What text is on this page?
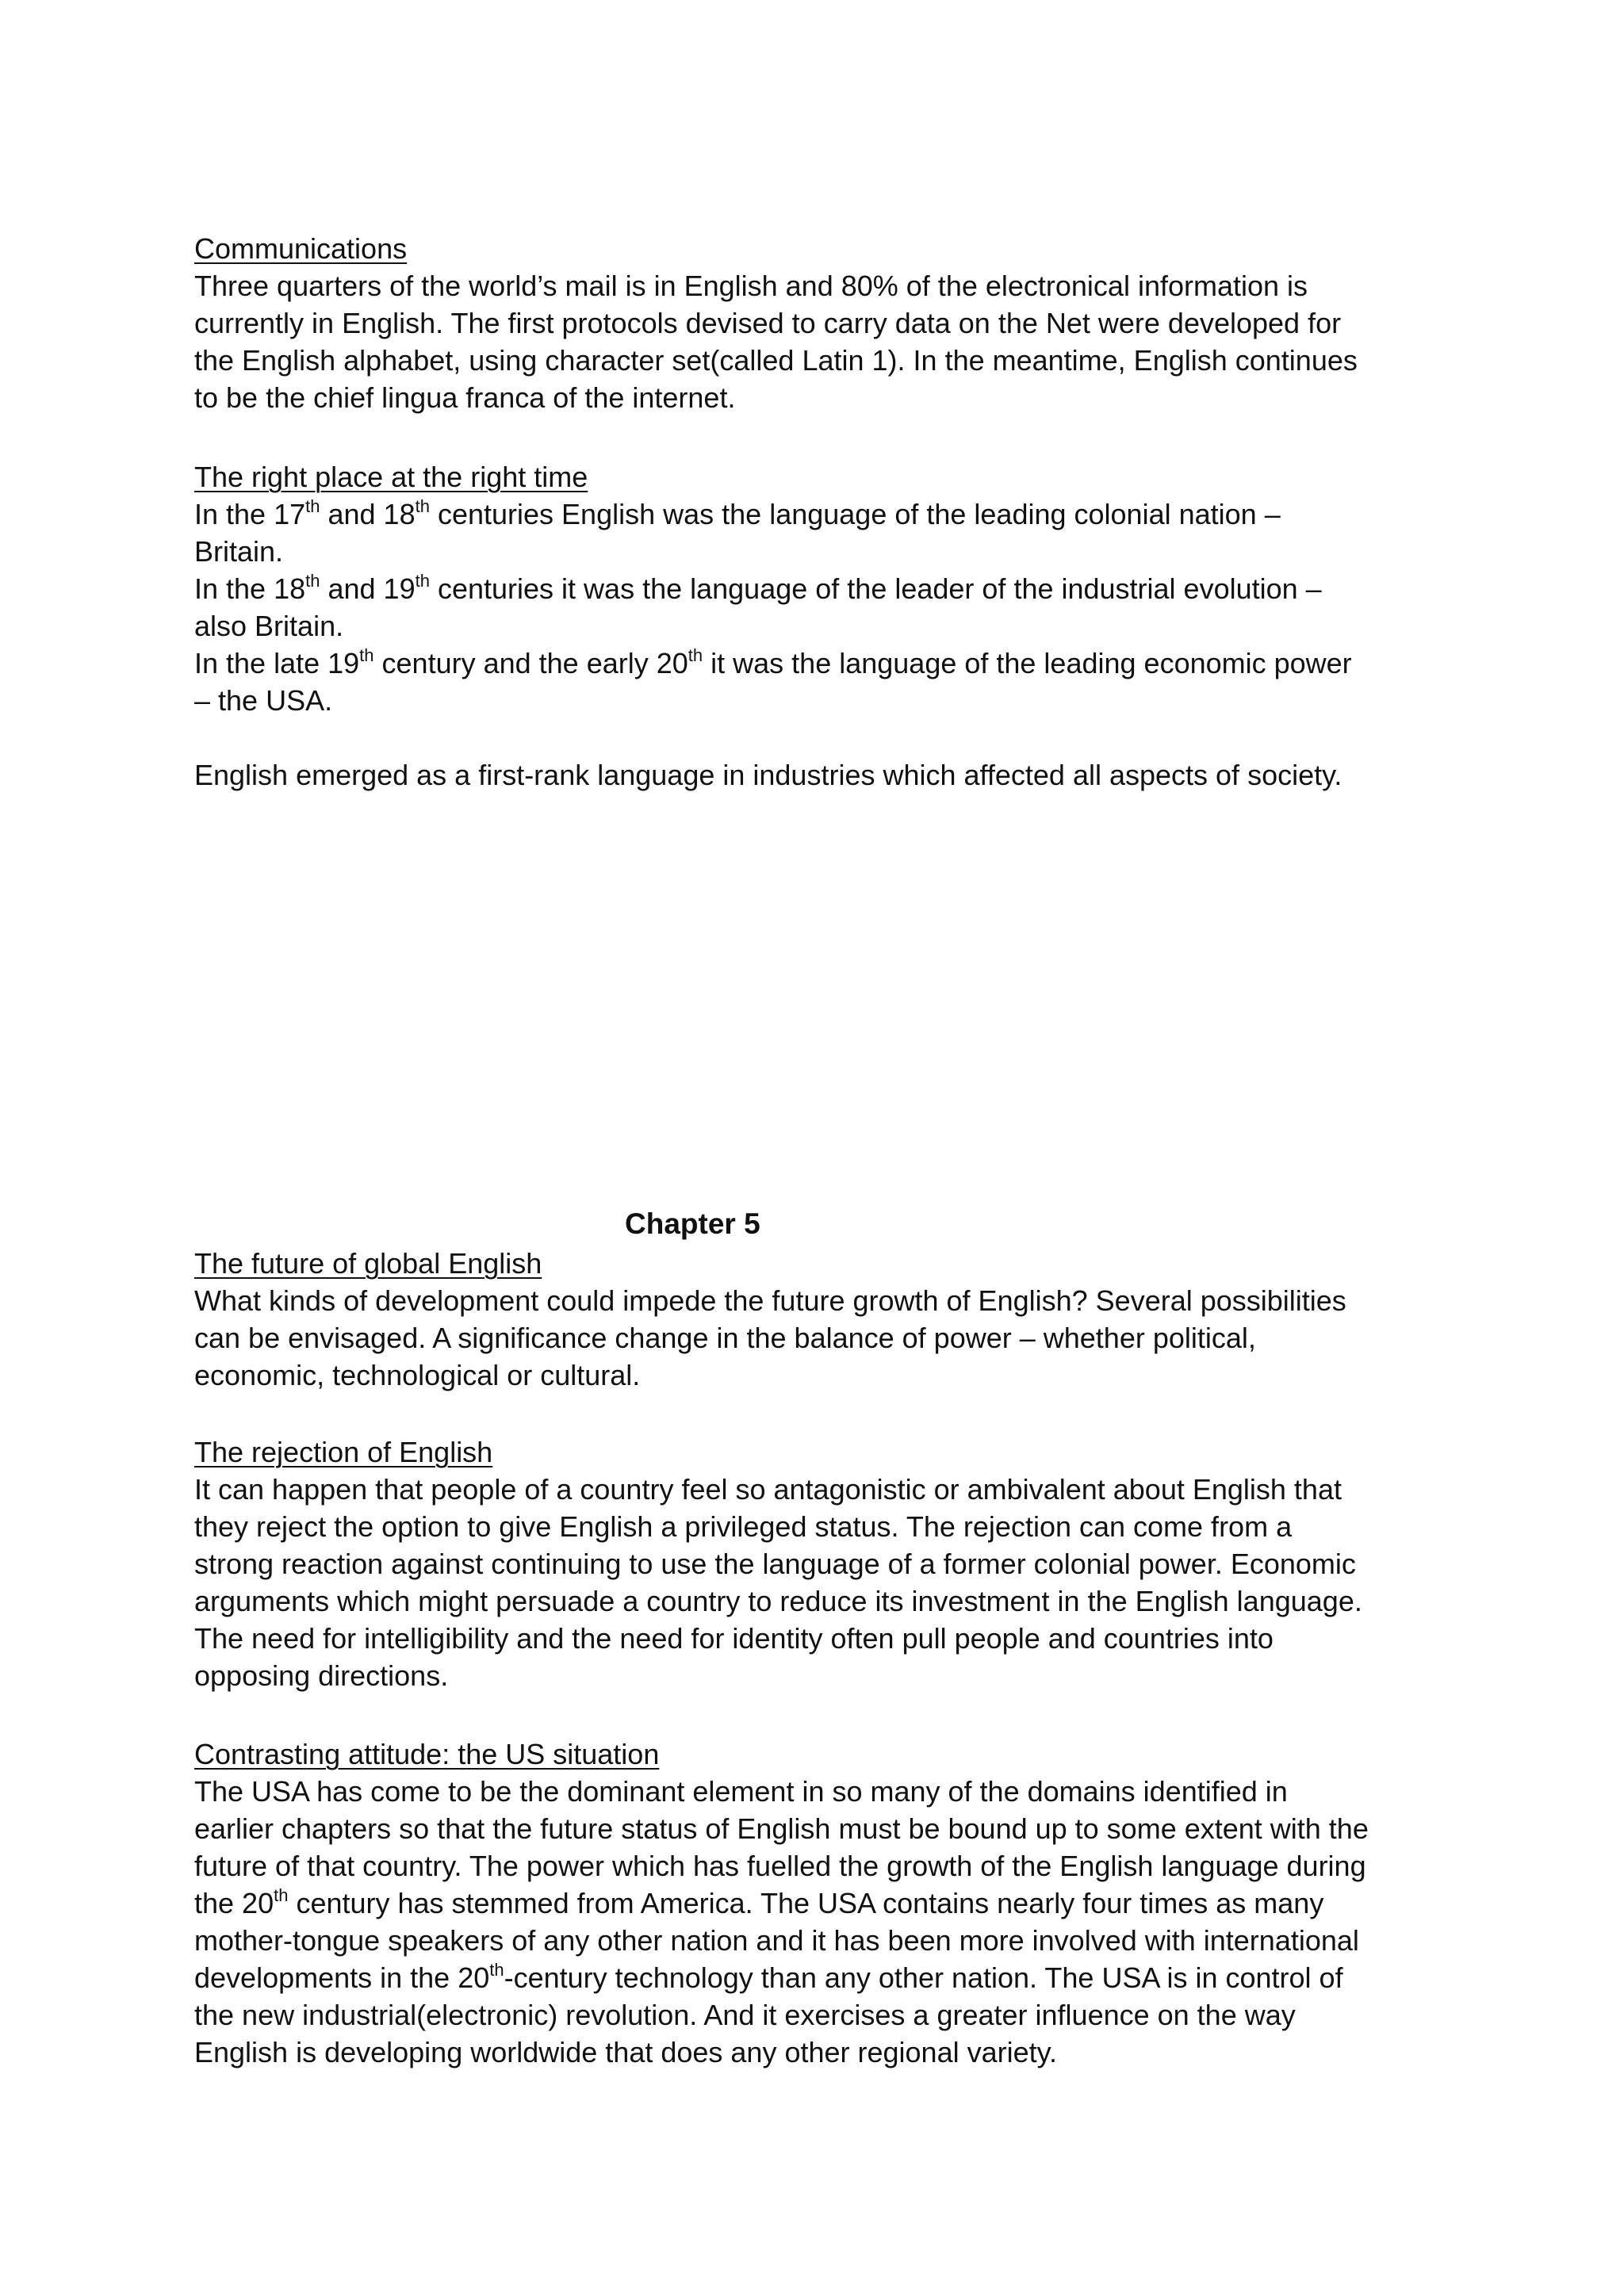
Communications
Three quarters of the world’s mail is in English and 80% of the electronical information is
currently in English. The first protocols devised to carry data on the Net were developed for
the English alphabet, using character set(called Latin 1). In the meantime, English continues
to be the chief lingua franca of the internet.
The right place at the right time
In the 17th and 18th centuries English was the language of the leading colonial nation –
Britain.
In the 18th and 19th centuries it was the language of the leader of the industrial evolution –
also Britain.
In the late 19th century and the early 20th it was the language of the leading economic power
– the USA.
English emerged as a first-rank language in industries which affected all aspects of society.
Chapter 5
The future of global English
What kinds of development could impede the future growth of English? Several possibilities
can be envisaged. A significance change in the balance of power – whether political,
economic, technological or cultural.
The rejection of English
It can happen that people of a country feel so antagonistic or ambivalent about English that
they reject the option to give English a privileged status. The rejection can come from a
strong reaction against continuing to use the language of a former colonial power. Economic
arguments which might persuade a country to reduce its investment in the English language.
The need for intelligibility and the need for identity often pull people and countries into
opposing directions.
Contrasting attitude: the US situation
The USA has come to be the dominant element in so many of the domains identified in
earlier chapters so that the future status of English must be bound up to some extent with the
future of that country. The power which has fuelled the growth of the English language during
the 20th century has stemmed from America. The USA contains nearly four times as many
mother-tongue speakers of any other nation and it has been more involved with international
developments in the 20th-century technology than any other nation. The USA is in control of
the new industrial(electronic) revolution. And it exercises a greater influence on the way
English is developing worldwide that does any other regional variety.
